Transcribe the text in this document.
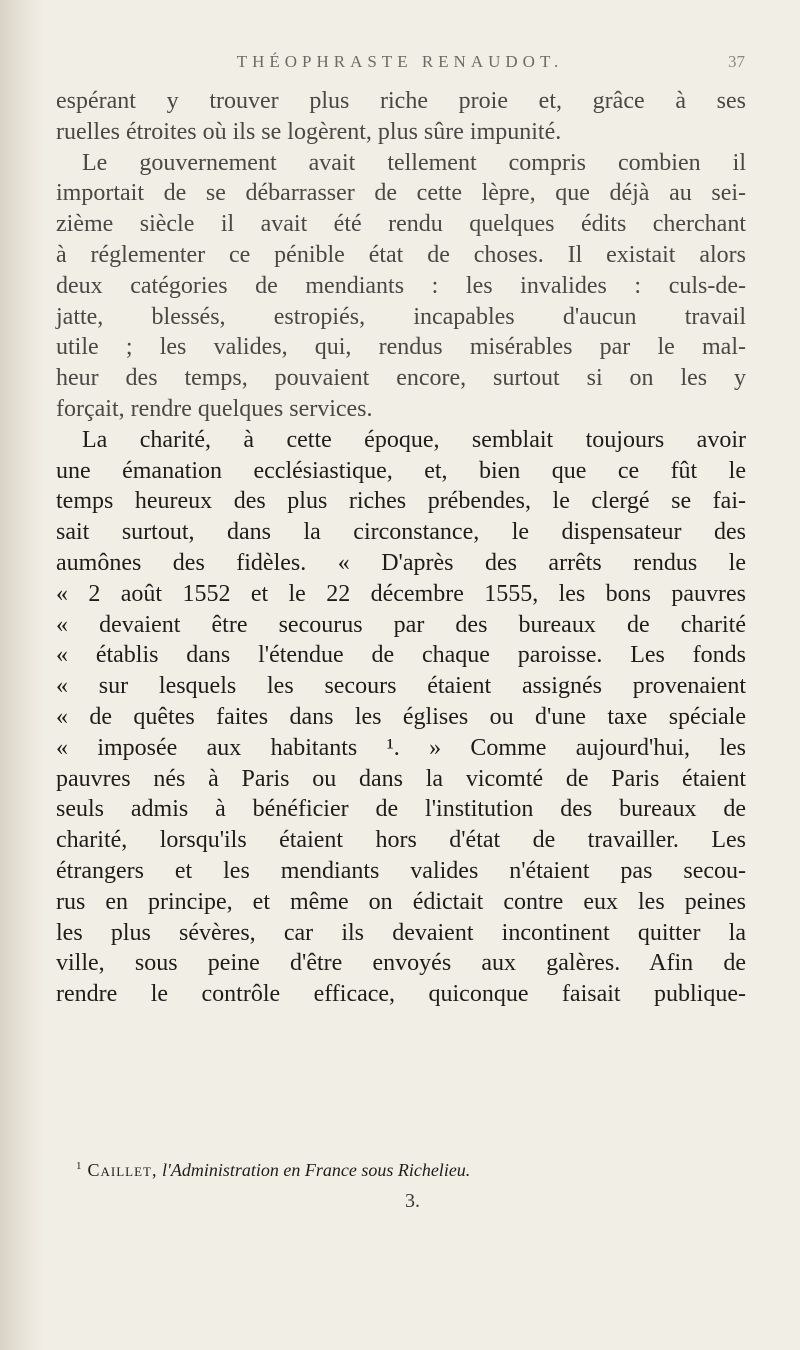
THÉOPHRASTE RENAUDOT.	37
espérant y trouver plus riche proie et, grâce à ses
ruelles étroites où ils se logèrent, plus sûre impunité.
Le gouvernement avait tellement compris combien il
importait de se débarrasser de cette lèpre, que déjà au sei-
zième siècle il avait été rendu quelques édits cherchant
à réglementer ce pénible état de choses. Il existait alors
deux catégories de mendiants : les invalides : culs-de-
jatte, blessés, estropiés, incapables d'aucun travail
utile ; les valides, qui, rendus misérables par le mal-
heur des temps, pouvaient encore, surtout si on les y
forçait, rendre quelques services.
La charité, à cette époque, semblait toujours avoir
une émanation ecclésiastique, et, bien que ce fût le
temps heureux des plus riches prébendes, le clergé se fai-
sait surtout, dans la circonstance, le dispensateur des
aumônes des fidèles. « D'après des arrêts rendus le
« 2 août 1552 et le 22 décembre 1555, les bons pauvres
« devaient être secourus par des bureaux de charité
« établis dans l'étendue de chaque paroisse. Les fonds
« sur lesquels les secours étaient assignés provenaient
« de quêtes faites dans les églises ou d'une taxe spéciale
« imposée aux habitants ¹. » Comme aujourd'hui, les
pauvres nés à Paris ou dans la vicomté de Paris étaient
seuls admis à bénéficier de l'institution des bureaux de
charité, lorsqu'ils étaient hors d'état de travailler. Les
étrangers et les mendiants valides n'étaient pas secou-
rus en principe, et même on édictait contre eux les peines
les plus sévères, car ils devaient incontinent quitter la
ville, sous peine d'être envoyés aux galères. Afin de
rendre le contrôle efficace, quiconque faisait publique-
$^1$ Caillet, l'Administration en France sous Richelieu.
3.
